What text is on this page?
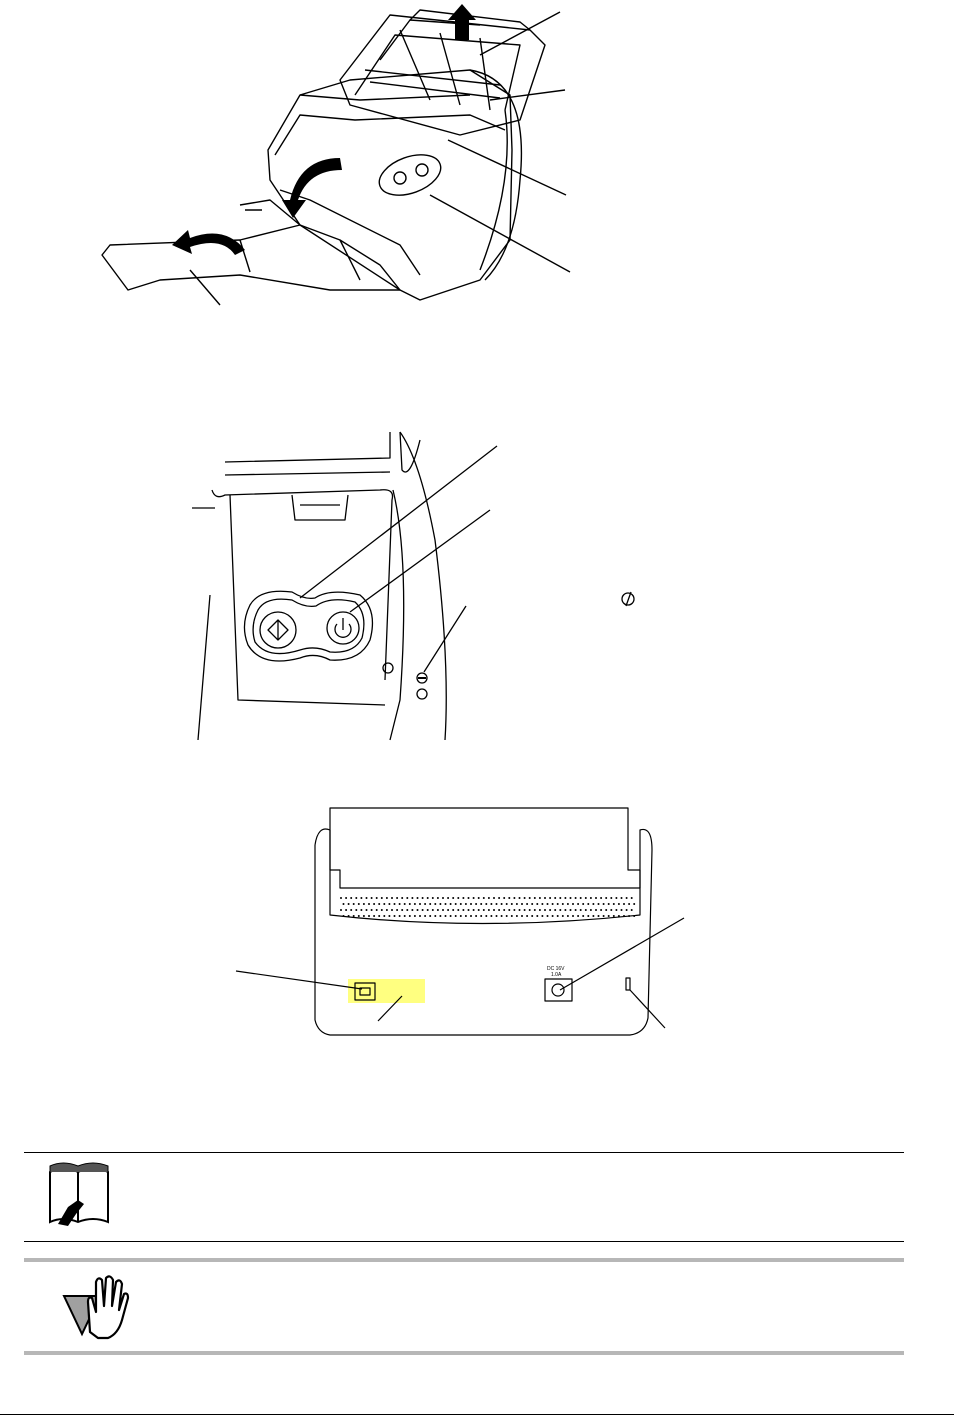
DC 16V
1.0A
